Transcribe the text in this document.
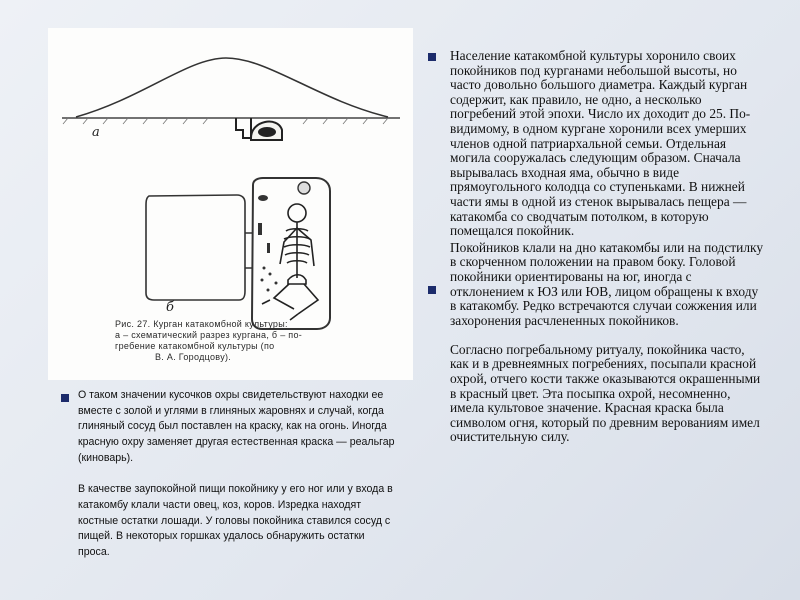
а
б
Рис. 27. Курган катакомбной культуры:
а – схематический разрез кургана, б – по-
гребение катакомбной культуры (по
В. А. Городцову).

О таком значении кусочков охры свидетельствуют находки ее вместе с золой и углями в глиняных жаровнях и случай, когда глиняный сосуд был поставлен на краску, как на огонь. Иногда красную охру заменяет другая естественная краска — реальгар (киноварь).

В качестве заупокойной пищи покойнику у его ног или у входа в катакомбу клали части овец, коз, коров. Изредка находят костные остатки лошади. У головы покойника ставился сосуд с пищей. В некоторых горшках удалось обнаружить остатки проса.

Население катакомбной культуры хоронило своих покойников под курганами небольшой высоты, но часто довольно большого диаметра. Каждый курган содержит, как правило, не одно, а несколько погребений этой эпохи. Число их доходит до 25. По-видимому, в одном кургане хоронили всех умерших членов одной патриархальной семьи. Отдельная могила сооружалась следующим образом. Сначала вырывалась входная яма, обычно в виде прямоугольного колодца со ступеньками. В нижней части ямы в одной из стенок вырывалась пещера — катакомба со сводчатым потолком, в которую помещался покойник.

Покойников клали на дно катакомбы или на подстилку в скорченном положении на правом боку. Головой покойники ориентированы на юг, иногда с отклонением к ЮЗ или ЮВ, лицом обращены к входу в катакомбу. Редко встречаются случаи сожжения или захоронения расчлененных покойников.

Согласно погребальному ритуалу, покойника часто, как и в древнеямных погребениях, посыпали красной охрой, отчего кости также оказываются окрашенными в красный цвет. Эта посыпка охрой, несомненно, имела культовое значение. Красная краска была символом огня, который по древним верованиям имел очистительную силу.
